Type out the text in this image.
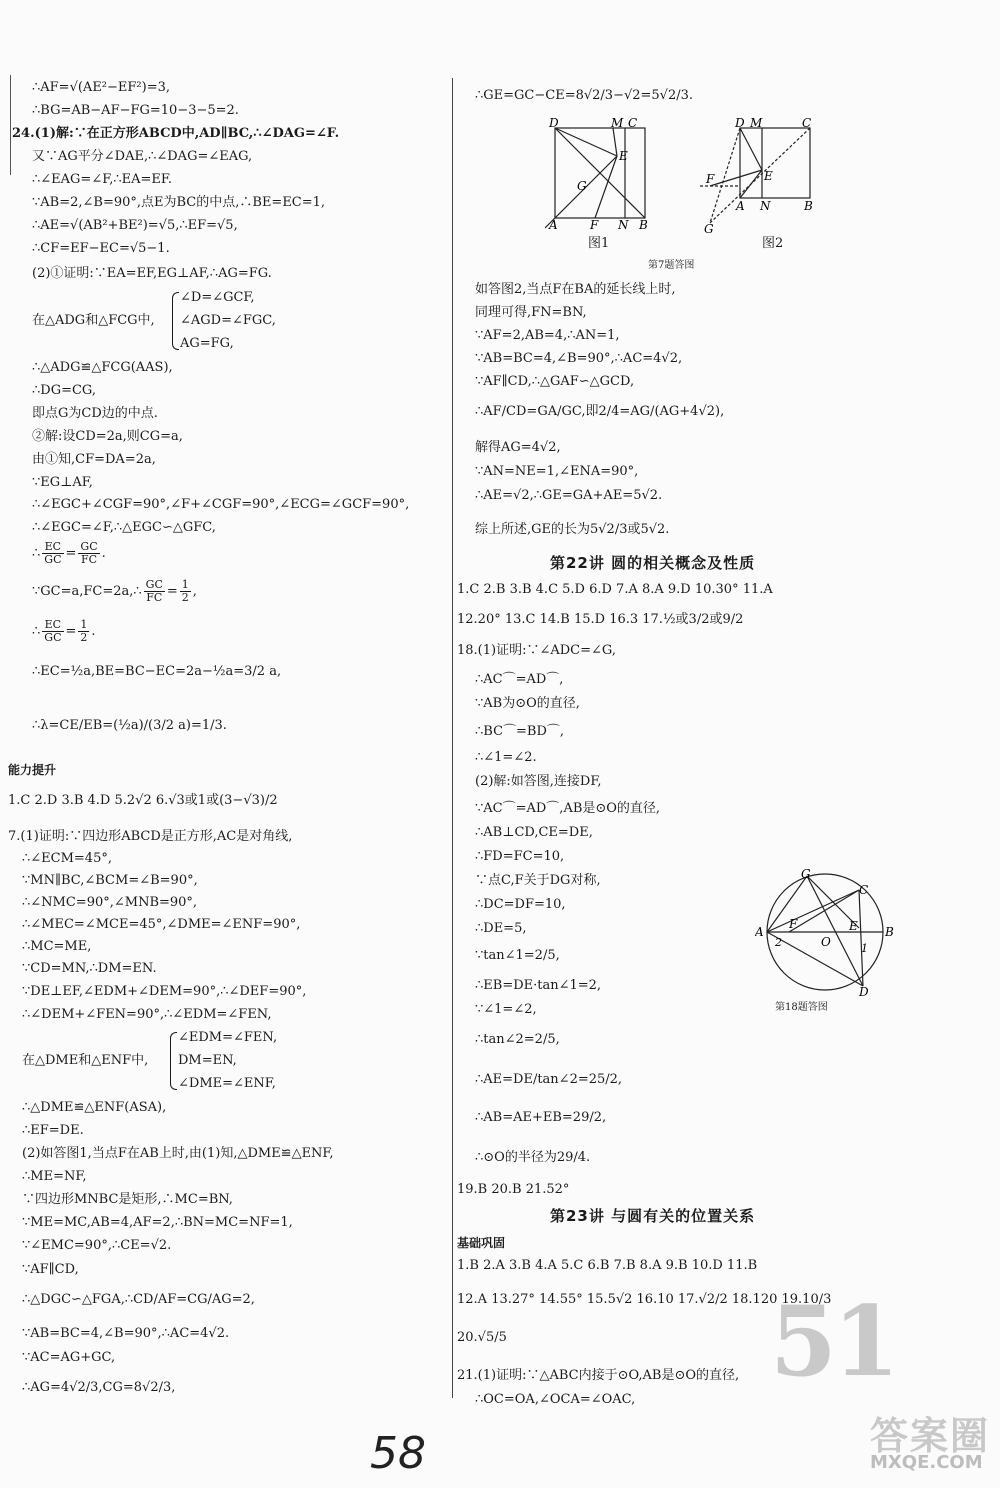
∴AF=√(AE²−EF²)=3,
∴BG=AB−AF−FG=10−3−5=2.
24.(1)解:∵在正方形ABCD中,AD∥BC,∴∠DAG=∠F.
又∵AG平分∠DAE,∴∠DAG=∠EAG,
∴∠EAG=∠F,∴EA=EF.
∵AB=2,∠B=90°,点E为BC的中点,∴BE=EC=1,
∴AE=√(AB²+BE²)=√5,∴EF=√5,
∴CF=EF−EC=√5−1.
(2)①证明:∵EA=EF,EG⊥AF,∴AG=FG.
∠D=∠GCF,
在△ADG和△FCG中, ∠AGD=∠FGC,
AG=FG,
∴△ADG≌△FCG(AAS),
∴DG=CG,
即点G为CD边的中点.
②解:设CD=2a,则CG=a,
由①知,CF=DA=2a,
∵EG⊥AF,
∴∠EGC+∠CGF=90°,∠F+∠CGF=90°,∠ECG=∠GCF=90°,
∴∠EGC=∠F,∴△EGC∽△GFC,
∴ $\frac{EC}{GC} = \frac{GC}{FC}$ .
∵GC=a,FC=2a,∴ $\frac{GC}{FC} = \frac{1}{2}$ ,
∴ $\frac{EC}{GC} = \frac{1}{2}$ .
∴EC=½a,BE=BC−EC=2a−½a=3/2 a,
∴λ=CE/EB=(½a)/(3/2 a)=1/3.
能力提升
1.C 2.D 3.B 4.D 5.2√2 6.√3或1或(3−√3)/2
7.(1)证明:∵四边形ABCD是正方形,AC是对角线,
∴∠ECM=45°,
∵MN∥BC,∠BCM=∠B=90°,
∴∠NMC=90°,∠MNB=90°,
∴∠MEC=∠MCE=45°,∠DME=∠ENF=90°,
∴MC=ME,
∵CD=MN,∴DM=EN.
∵DE⊥EF,∠EDM+∠DEM=90°,∴∠DEF=90°,
∴∠DEM+∠FEN=90°,∴∠EDM=∠FEN,
∠EDM=∠FEN,
在△DME和△ENF中, DM=EN,
∠DME=∠ENF,
∴△DME≌△ENF(ASA),
∴EF=DE.
(2)如答图1,当点F在AB上时,由(1)知,△DME≌△ENF,
∴ME=NF,
∵四边形MNBC是矩形,∴MC=BN,
∵ME=MC,AB=4,AF=2,∴BN=MC=NF=1,
∵∠EMC=90°,∴CE=√2.
∵AF∥CD,
∴△DGC∽△FGA,∴CD/AF=CG/AG=2,
∵AB=BC=4,∠B=90°,∴AC=4√2.
∵AC=AG+GC,
∴AG=4√2/3,CG=8√2/3,
∴GE=GC−CE=8√2/3−√2=5√2/3.
D	M C
E
G
A	F N B
图1
D M	C
E
F
A N	B
G
图2
第7题答图
如答图2,当点F在BA的延长线上时,
同理可得,FN=BN,
∵AF=2,AB=4,∴AN=1,
∵AB=BC=4,∠B=90°,∴AC=4√2,
∵AF∥CD,∴△GAF∽△GCD,
∴AF/CD=GA/GC,即2/4=AG/(AG+4√2),
解得AG=4√2,
∵AN=NE=1,∠ENA=90°,
∴AE=√2,∴GE=GA+AE=5√2.
综上所述,GE的长为5√2/3或5√2.
第22讲 圆的相关概念及性质
1.C 2.B 3.B 4.C 5.D 6.D 7.A 8.A 9.D 10.30° 11.A
12.20° 13.C 14.B 15.D 16.3 17.½或3/2或9/2
18.(1)证明:∵∠ADC=∠G,
∴AC⌒=AD⌒,
∵AB为⊙O的直径,
∴BC⌒=BD⌒,
∴∠1=∠2.
(2)解:如答图,连接DF,
∵AC⌒=AD⌒,AB是⊙O的直径,
∴AB⊥CD,CE=DE,
∴FD=FC=10,
∵点C,F关于DG对称,
∴DC=DF=10,
∴DE=5,
∵tan∠1=2/5,
∴EB=DE·tan∠1=2,
∵∠1=∠2,
∴tan∠2=2/5,
∴AE=DE/tan∠2=25/2,
∴AB=AE+EB=29/2,
∴⊙O的半径为29/4.
G
C
A	B
F
O
E
D
2	1
第18题答图
19.B 20.B 21.52°
第23讲 与圆有关的位置关系
基础巩固
1.B 2.A 3.B 4.A 5.C 6.B 7.B 8.A 9.B 10.D 11.B
12.A 13.27° 14.55° 15.5√2 16.10 17.√2/2 18.120 19.10/3
20.√5/5
21.(1)证明:∵△ABC内接于⊙O,AB是⊙O的直径,
∴OC=OA,∠OCA=∠OAC,
58
51
答案圈
MXQE.COM
